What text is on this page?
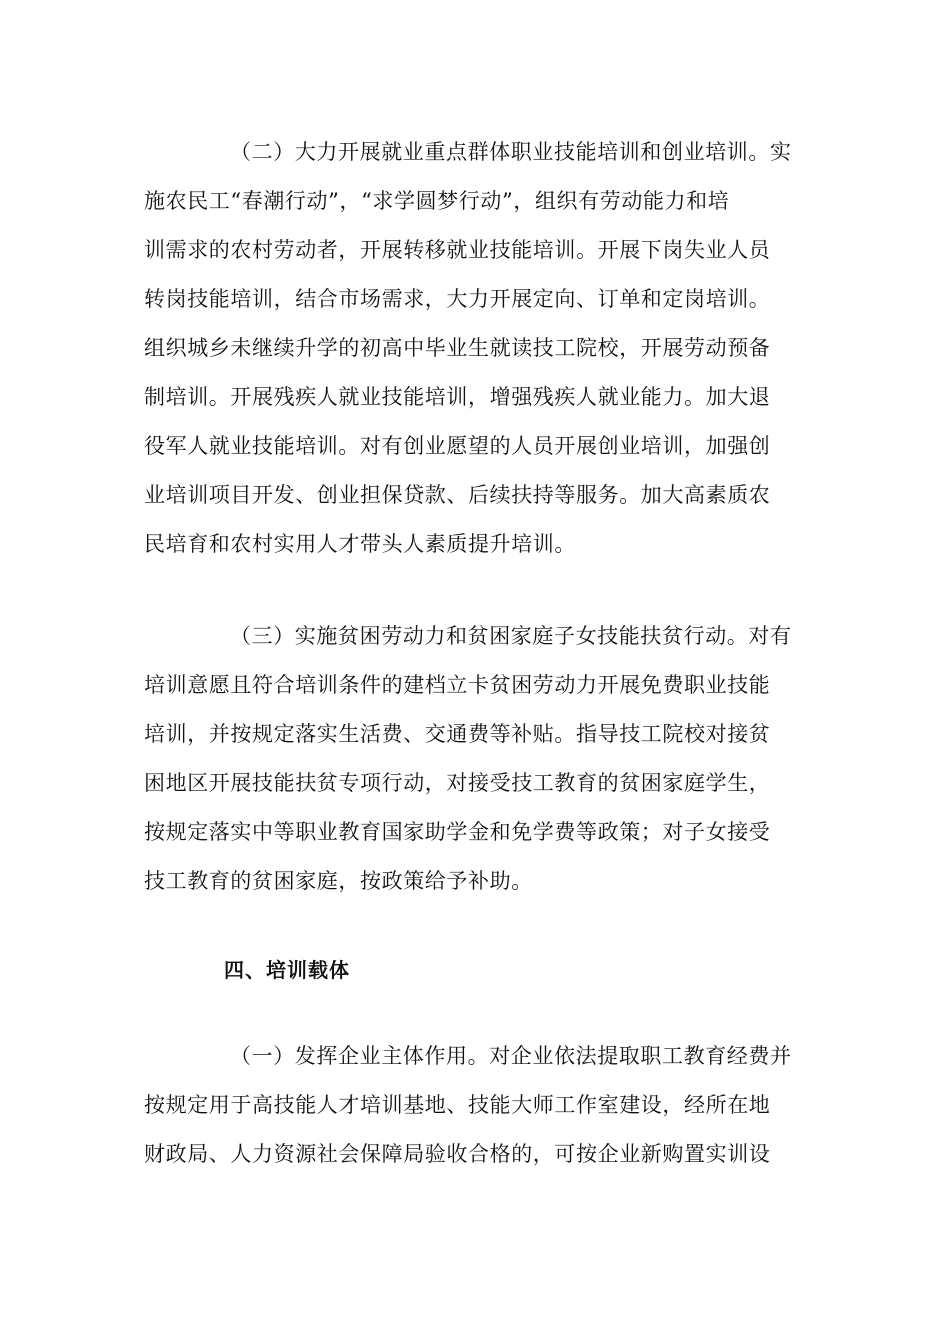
（二）大力开展就业重点群体职业技能培训和创业培训。实
施农民工“春潮行动”，“求学圆梦行动”，组织有劳动能力和培
训需求的农村劳动者，开展转移就业技能培训。开展下岗失业人员
转岗技能培训，结合市场需求，大力开展定向、订单和定岗培训。
组织城乡未继续升学的初高中毕业生就读技工院校，开展劳动预备
制培训。开展残疾人就业技能培训，增强残疾人就业能力。加大退
役军人就业技能培训。对有创业愿望的人员开展创业培训，加强创
业培训项目开发、创业担保贷款、后续扶持等服务。加大高素质农
民培育和农村实用人才带头人素质提升培训。
（三）实施贫困劳动力和贫困家庭子女技能扶贫行动。对有
培训意愿且符合培训条件的建档立卡贫困劳动力开展免费职业技能
培训，并按规定落实生活费、交通费等补贴。指导技工院校对接贫
困地区开展技能扶贫专项行动，对接受技工教育的贫困家庭学生，
按规定落实中等职业教育国家助学金和免学费等政策；对子女接受
技工教育的贫困家庭，按政策给予补助。
四、培训载体
（一）发挥企业主体作用。对企业依法提取职工教育经费并
按规定用于高技能人才培训基地、技能大师工作室建设，经所在地
财政局、人力资源社会保障局验收合格的，可按企业新购置实训设
